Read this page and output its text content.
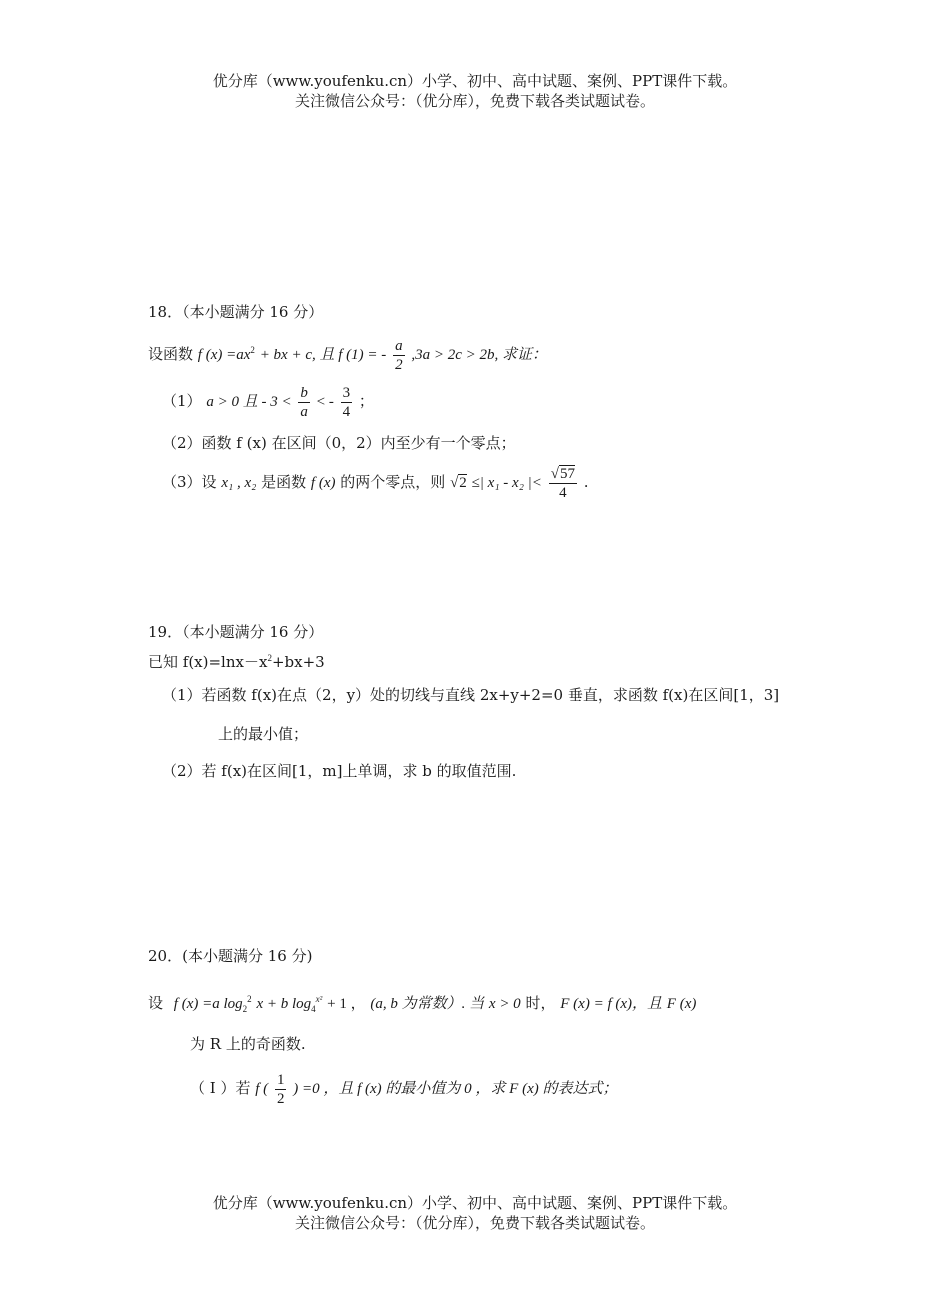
优分库（www.youfenku.cn）小学、初中、高中试题、案例、PPT课件下载。
关注微信公众号：（优分库），免费下载各类试题试卷。
18．（本小题满分 16 分）
设函数 f $(x) =ax^2$ + bx + c, 且 f (1) = - $\frac{a}{2} ,3a > 2c > 2b$, 求证：
（1） a > 0 且 - $3 < \frac{b}{a}$ < - $\frac{3}{4}$ ；
（2）函数 f (x) 在区间（0，2）内至少有一个零点；
（3）设 x₁ , x₂ 是函数 f (x) 的两个零点，则 √2 ≤| x₁ - x₂ |< $\frac{√57}{4}$ .
19．（本小题满分 16 分）
已知 $f(x)=\ln x-x^2+bx+3$
（1）若函数 f(x)在点（2，y）处的切线与直线 2x+y+2=0 垂直，求函数 f(x)在区间[1，3]
上的最小值；
（2）若 f(x)在区间[1，m]上单调，求 b 的取值范围.
20．(本小题满分 16 分)
设 f (x) =a $\log_2^2 x + b$ $\log_4^{x^2} + 1$ ， (a, b 为常数）. 当 x > 0 时， F (x) = f (x)，且 F (x)
为 R 上的奇函数.
（ I ）若 f ( $\frac{1}{2}$ ) =0 ，且 f (x) 的最小值为 0 ，求 F (x) 的表达式；
优分库（www.youfenku.cn）小学、初中、高中试题、案例、PPT课件下载。
关注微信公众号：（优分库），免费下载各类试题试卷。
